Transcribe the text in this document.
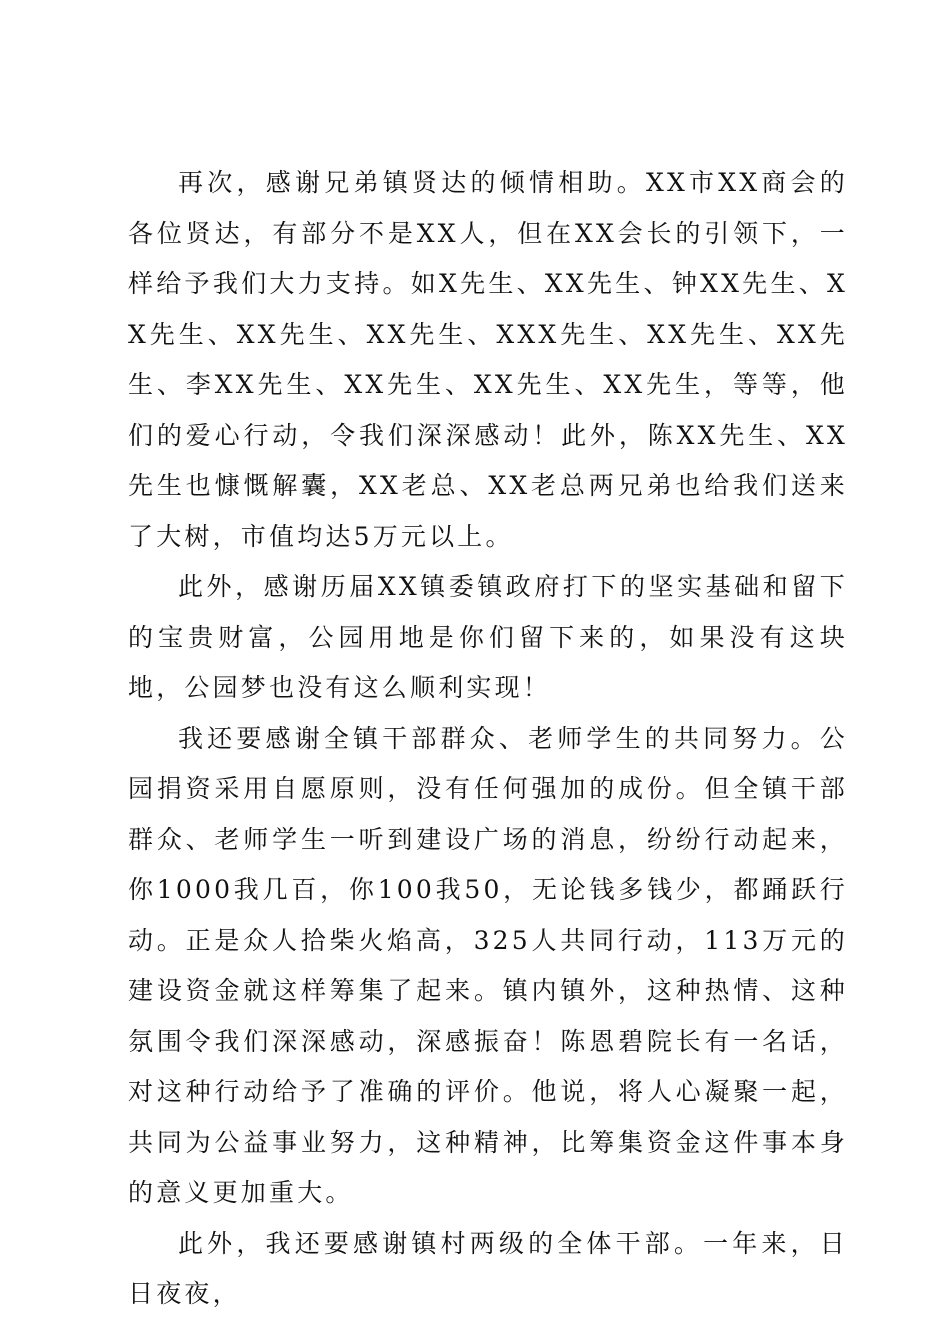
再次，感谢兄弟镇贤达的倾情相助。XX市XX商会的各位贤达，有部分不是XX人，但在XX会长的引领下，一样给予我们大力支持。如X先生、XX先生、钟XX先生、XX先生、XX先生、XX先生、XXX先生、XX先生、XX先生、李XX先生、XX先生、XX先生、XX先生，等等，他们的爱心行动，令我们深深感动！此外，陈XX先生、XX先生也慷慨解囊，XX老总、XX老总两兄弟也给我们送来了大树，市值均达5万元以上。

此外，感谢历届XX镇委镇政府打下的坚实基础和留下的宝贵财富，公园用地是你们留下来的，如果没有这块地，公园梦也没有这么顺利实现！

我还要感谢全镇干部群众、老师学生的共同努力。公园捐资采用自愿原则，没有任何强加的成份。但全镇干部群众、老师学生一听到建设广场的消息，纷纷行动起来，你1000我几百，你100我50，无论钱多钱少，都踊跃行动。正是众人拾柴火焰高，325人共同行动，113万元的建设资金就这样筹集了起来。镇内镇外，这种热情、这种氛围令我们深深感动，深感振奋！陈恩碧院长有一名话，对这种行动给予了准确的评价。他说，将人心凝聚一起，共同为公益事业努力，这种精神，比筹集资金这件事本身的意义更加重大。

此外，我还要感谢镇村两级的全体干部。一年来，日日夜夜，
